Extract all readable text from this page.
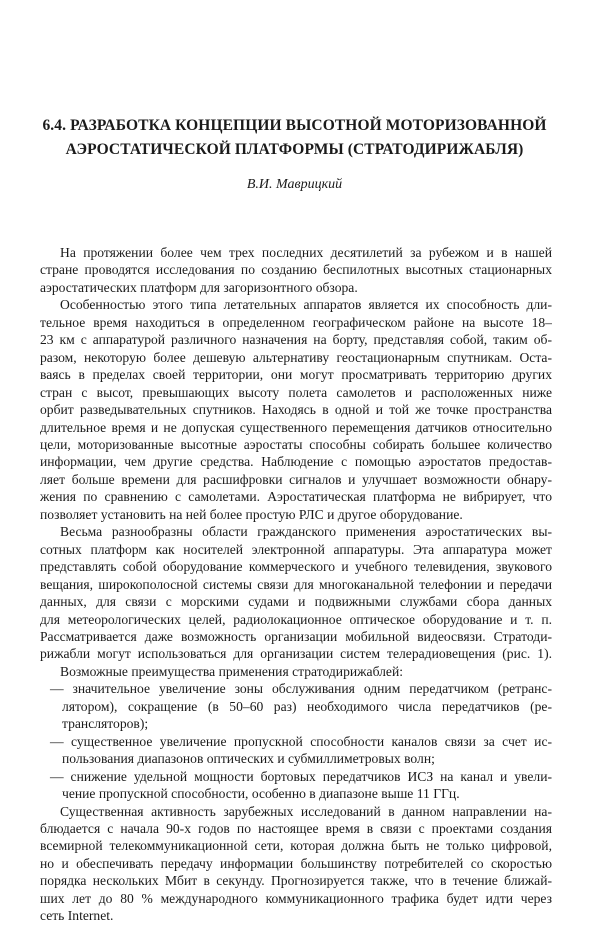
6.4. РАЗРАБОТКА КОНЦЕПЦИИ ВЫСОТНОЙ МОТОРИЗОВАННОЙ
АЭРОСТАТИЧЕСКОЙ ПЛАТФОРМЫ (СТРАТОДИРИЖАБЛЯ)
В.И. Маврицкий
На протяжении более чем трех последних десятилетий за рубежом и в нашей
стране проводятся исследования по созданию беспилотных высотных стационарных
аэростатических платформ для загоризонтного обзора.
Особенностью этого типа летательных аппаратов является их способность дли-
тельное время находиться в определенном географическом районе на высоте 18–
23 км с аппаратурой различного назначения на борту, представляя собой, таким об-
разом, некоторую более дешевую альтернативу геостационарным спутникам. Оста-
ваясь в пределах своей территории, они могут просматривать территорию других
стран с высот, превышающих высоту полета самолетов и расположенных ниже
орбит разведывательных спутников. Находясь в одной и той же точке пространства
длительное время и не допуская существенного перемещения датчиков относительно
цели, моторизованные высотные аэростаты способны собирать большее количество
информации, чем другие средства. Наблюдение с помощью аэростатов предостав-
ляет больше времени для расшифровки сигналов и улучшает возможности обнару-
жения по сравнению с самолетами. Аэростатическая платформа не вибрирует, что
позволяет установить на ней более простую РЛС и другое оборудование.
Весьма разнообразны области гражданского применения аэростатических вы-
сотных платформ как носителей электронной аппаратуры. Эта аппаратура может
представлять собой оборудование коммерческого и учебного телевидения, звукового
вещания, широкополосной системы связи для многоканальной телефонии и передачи
данных, для связи с морскими судами и подвижными службами сбора данных
для метеорологических целей, радиолокационное оптическое оборудование и т. п.
Рассматривается даже возможность организации мобильной видеосвязи. Стратоди-
рижабли могут использоваться для организации систем телерадиовещения (рис. 1).
Возможные преимущества применения стратодирижаблей:
— значительное увеличение зоны обслуживания одним передатчиком (ретранс-
лятором), сокращение (в 50–60 раз) необходимого числа передатчиков (ре-
трансляторов);
— существенное увеличение пропускной способности каналов связи за счет ис-
пользования диапазонов оптических и субмиллиметровых волн;
— снижение удельной мощности бортовых передатчиков ИСЗ на канал и увели-
чение пропускной способности, особенно в диапазоне выше 11 ГГц.
Существенная активность зарубежных исследований в данном направлении на-
блюдается с начала 90-х годов по настоящее время в связи с проектами создания
всемирной телекоммуникационной сети, которая должна быть не только цифровой,
но и обеспечивать передачу информации большинству потребителей со скоростью
порядка нескольких Мбит в секунду. Прогнозируется также, что в течение ближай-
ших лет до 80 % международного коммуникационного трафика будет идти через
сеть Internet.
